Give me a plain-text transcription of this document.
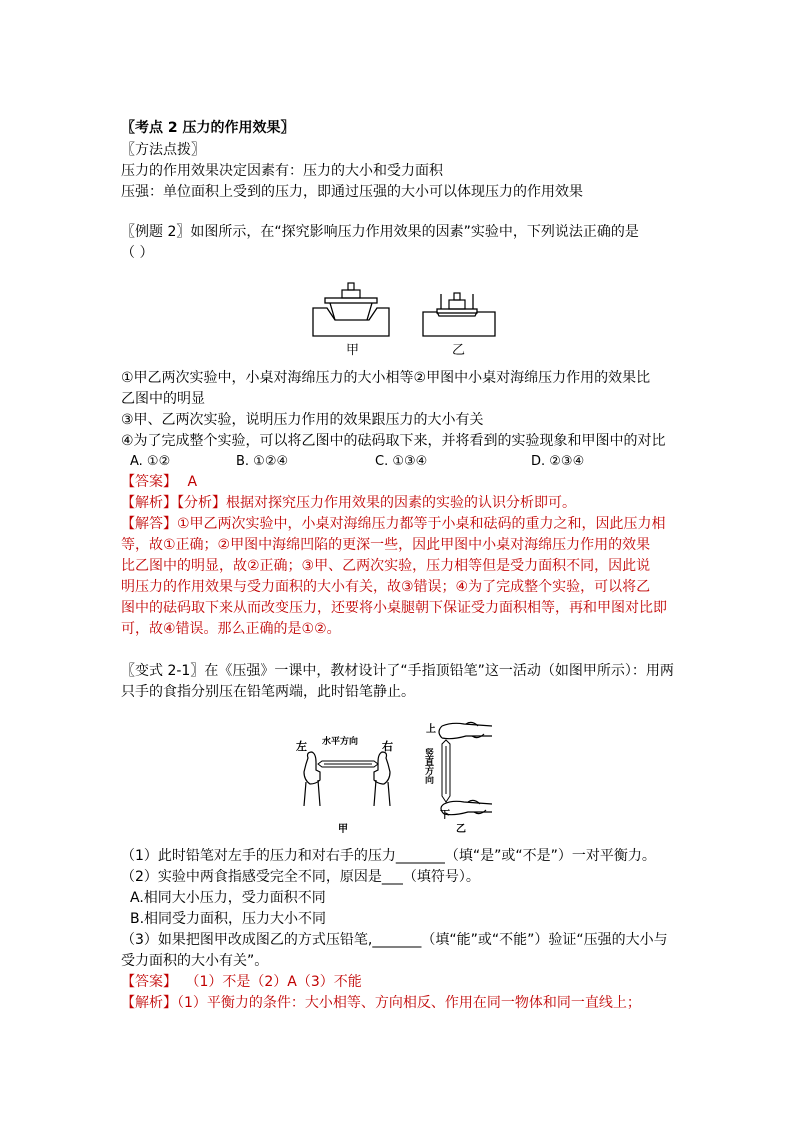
〖考点 2 压力的作用效果〗
〖方法点拨〗
压力的作用效果决定因素有：压力的大小和受力面积
压强：单位面积上受到的压力，即通过压强的大小可以体现压力的作用效果
〖例题 2〗如图所示，在“探究影响压力作用效果的因素”实验中，下列说法正确的是
（ ）
甲	乙
①甲乙两次实验中，小桌对海绵压力的大小相等②甲图中小桌对海绵压力作用的效果比
乙图中的明显
③甲、乙两次实验，说明压力作用的效果跟压力的大小有关
④为了完成整个实验，可以将乙图中的砝码取下来，并将看到的实验现象和甲图中的对比
A. ①②	B. ①②④	C. ①③④	D. ②③④
【答案】 A
【解析】【分析】根据对探究压力作用效果的因素的实验的认识分析即可。
【解答】①甲乙两次实验中，小桌对海绵压力都等于小桌和砝码的重力之和，因此压力相
等，故①正确；②甲图中海绵凹陷的更深一些，因此甲图中小桌对海绵压力作用的效果
比乙图中的明显，故②正确；③甲、乙两次实验，压力相等但是受力面积不同，因此说
明压力的作用效果与受力面积的大小有关，故③错误；④为了完成整个实验，可以将乙
图中的砝码取下来从而改变压力，还要将小桌腿朝下保证受力面积相等，再和甲图对比即
可，故④错误。那么正确的是①②。
〖变式 2-1〗在《压强》一课中，教材设计了“手指顶铅笔”这一活动（如图甲所示）：用两
只手的食指分别压在铅笔两端，此时铅笔静止。
左 水平方向 右
甲
上
竖直方向
下
乙
（1）此时铅笔对左手的压力和对右手的压力_______（填“是”或“不是”）一对平衡力。
（2）实验中两食指感受完全不同，原因是___（填符号）。
A.相同大小压力，受力面积不同
B.相同受力面积，压力大小不同
（3）如果把图甲改成图乙的方式压铅笔,_______（填“能”或“不能”）验证“压强的大小与
受力面积的大小有关”。
【答案】 （1）不是（2）A（3）不能
【解析】（1）平衡力的条件：大小相等、方向相反、作用在同一物体和同一直线上；
